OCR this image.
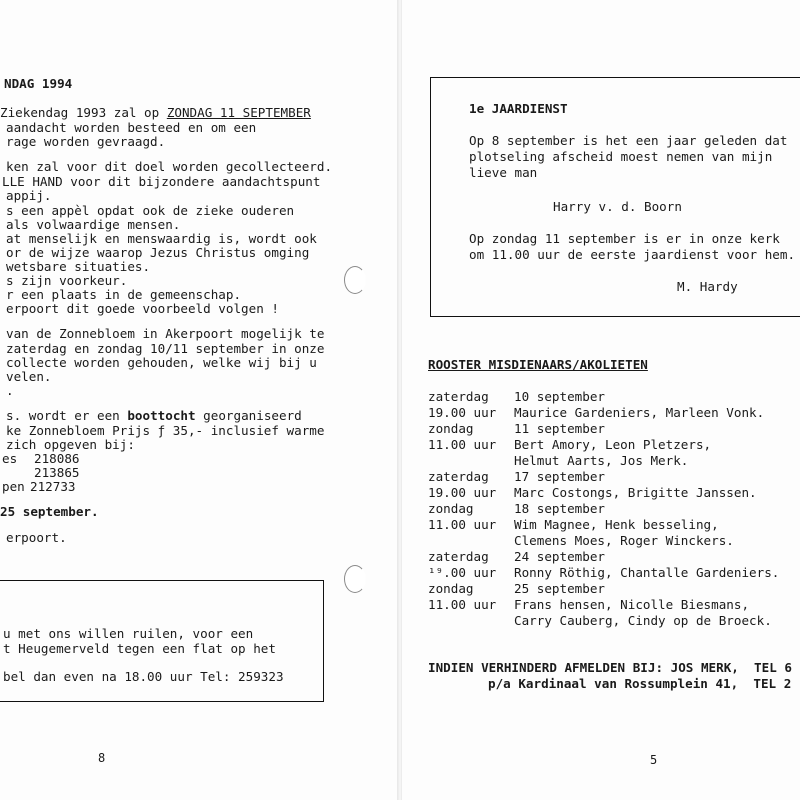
NDAG 1994
Ziekendag 1993 zal op ZONDAG 11 SEPTEMBER
aandacht worden besteed en om een
rage worden gevraagd.
ken zal voor dit doel worden gecollecteerd.
LLE HAND voor dit bijzondere aandachtspunt
appij.
s een appèl opdat ook de zieke ouderen
als volwaardige mensen.
at menselijk en menswaardig is, wordt ook
or de wijze waarop Jezus Christus omging
wetsbare situaties.
s zijn voorkeur.
r een plaats in de gemeenschap.
erpoort dit goede voorbeeld volgen !
van de Zonnebloem in Akerpoort mogelijk te
zaterdag en zondag 10/11 september in onze
collecte worden gehouden, welke wij bij u
velen.
.
s. wordt er een boottocht georganiseerd
ke Zonnebloem Prijs ƒ 35,- inclusief warme
zich opgeven bij:
es 218086
213865
pen 212733
25 september.
erpoort.
u met ons willen ruilen, voor een
t Heugemerveld tegen een flat op het
bel dan even na 18.00 uur Tel: 259323
8
1e JAARDIENST
Op 8 september is het een jaar geleden dat
plotseling afscheid moest nemen van mijn
lieve man
Harry v. d. Boorn
Op zondag 11 september is er in onze kerk
om 11.00 uur de eerste jaardienst voor hem.
M. Hardy
ROOSTER MISDIENAARS/AKOLIETEN
zaterdag 10 september
19.00 uur Maurice Gardeniers, Marleen Vonk.
zondag	11 september
11.00 uur Bert Amory, Leon Pletzers,
Helmut Aarts, Jos Merk.
zaterdag 17 september
19.00 uur Marc Costongs, Brigitte Janssen.
zondag	18 september
11.00 uur Wim Magnee, Henk besseling,
Clemens Moes, Roger Winckers.
zaterdag 24 september
¹⁹.00 uur Ronny Röthig, Chantalle Gardeniers.
zondag	25 september
11.00 uur Frans hensen, Nicolle Biesmans,
Carry Cauberg, Cindy op de Broeck.
INDIEN VERHINDERD AFMELDEN BIJ: JOS MERK,  TEL 6
p/a Kardinaal van Rossumplein 41,  TEL 2
5
